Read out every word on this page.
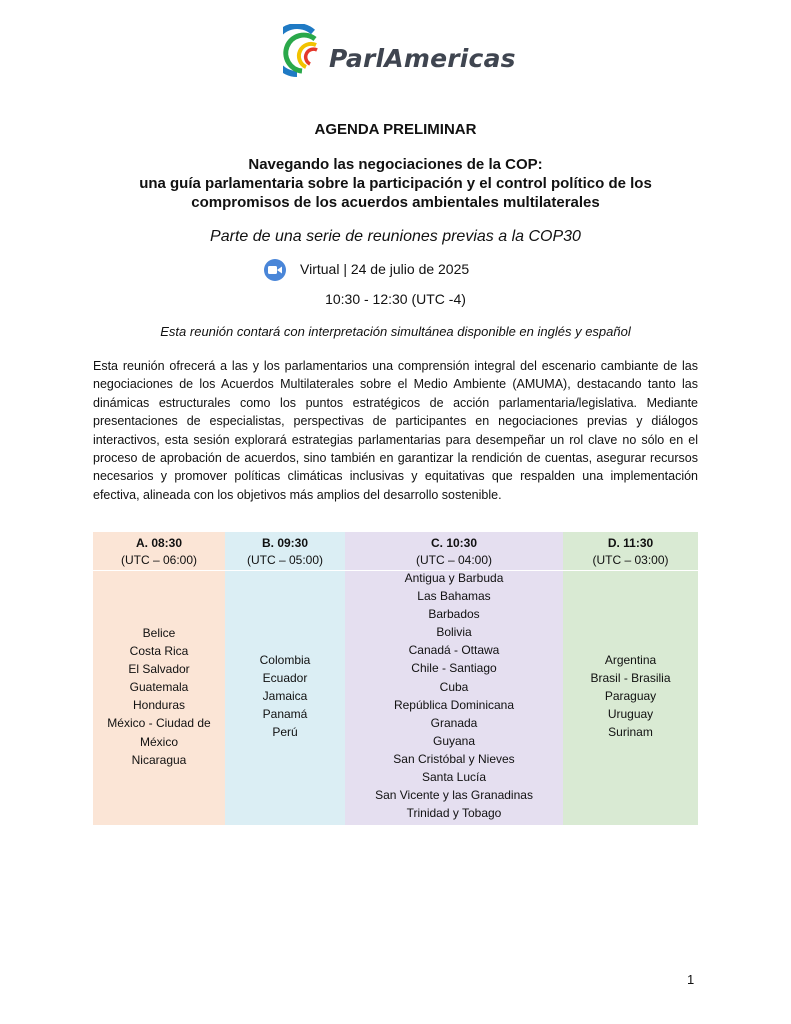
ParlAmericas
AGENDA PRELIMINAR
Navegando las negociaciones de la COP:
una guía parlamentaria sobre la participación y el control político de los
compromisos de los acuerdos ambientales multilaterales
Parte de una serie de reuniones previas a la COP30
Virtual | 24 de julio de 2025
10:30 - 12:30 (UTC -4)
Esta reunión contará con interpretación simultánea disponible en inglés y español
Esta reunión ofrecerá a las y los parlamentarios una comprensión integral del escenario cambiante de las negociaciones de los Acuerdos Multilaterales sobre el Medio Ambiente (AMUMA), destacando tanto las dinámicas estructurales como los puntos estratégicos de acción parlamentaria/legislativa. Mediante presentaciones de especialistas, perspectivas de participantes en negociaciones previas y diálogos interactivos, esta sesión explorará estrategias parlamentarias para desempeñar un rol clave no sólo en el proceso de aprobación de acuerdos, sino también en garantizar la rendición de cuentas, asegurar recursos necesarios y promover políticas climáticas inclusivas y equitativas que respalden una implementación efectiva, alineada con los objetivos más amplios del desarrollo sostenible.
A. 08:30
(UTC – 06:00)
Belice
Costa Rica
El Salvador
Guatemala
Honduras
México - Ciudad de
México
Nicaragua
B. 09:30
(UTC – 05:00)
Colombia
Ecuador
Jamaica
Panamá
Perú
C. 10:30
(UTC – 04:00)
Antigua y Barbuda
Las Bahamas
Barbados
Bolivia
Canadá - Ottawa
Chile - Santiago
Cuba
República Dominicana
Granada
Guyana
San Cristóbal y Nieves
Santa Lucía
San Vicente y las Granadinas
Trinidad y Tobago
D. 11:30
(UTC – 03:00)
Argentina
Brasil - Brasilia
Paraguay
Uruguay
Surinam
1
